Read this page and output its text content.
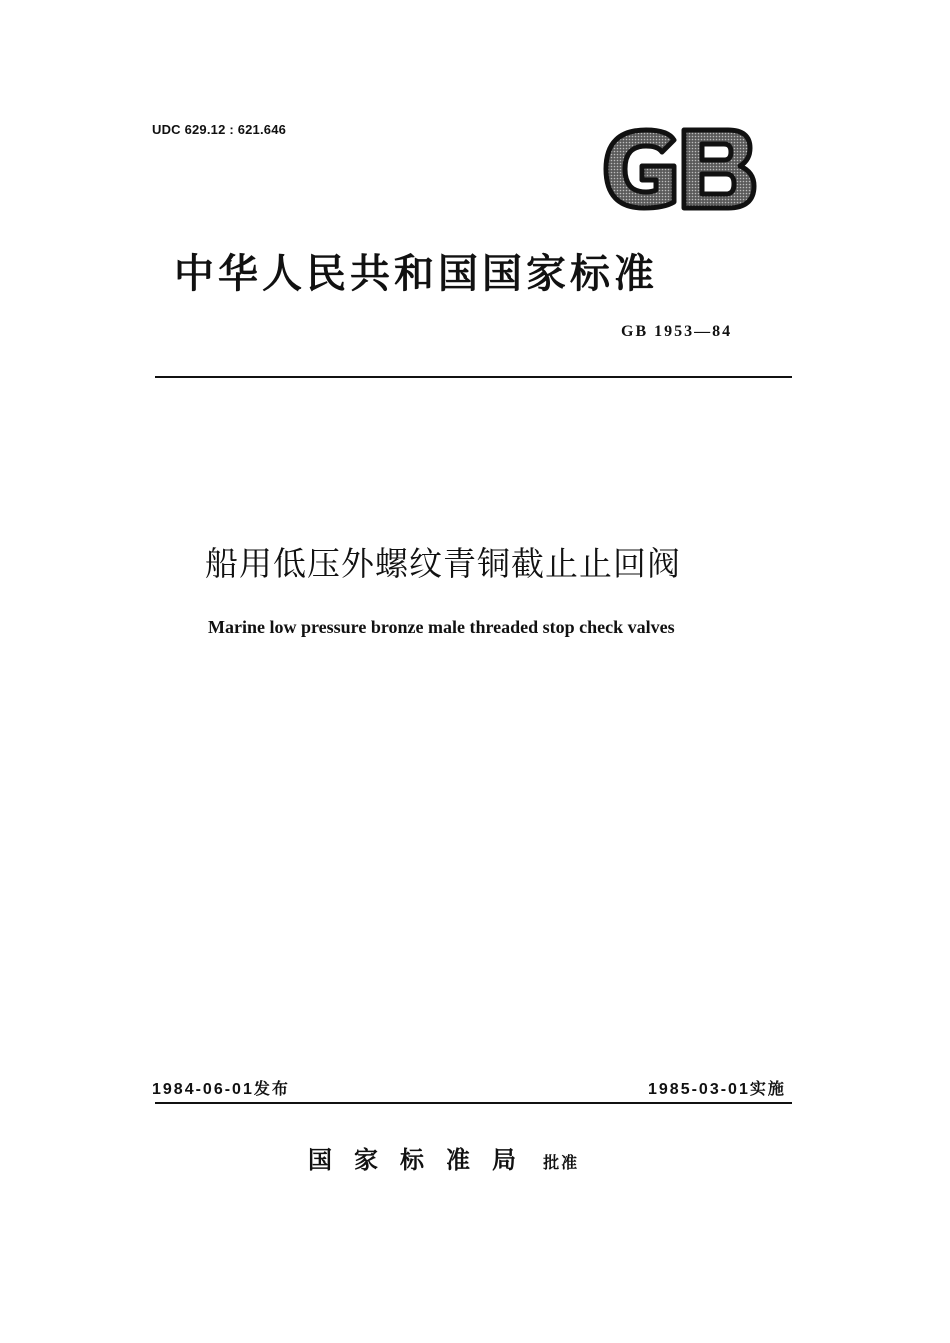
UDC 629.12 : 621.646
中华人民共和国国家标准
GB 1953—84
船用低压外螺纹青铜截止止回阀
Marine low pressure bronze male threaded stop check valves
1984-06-01发布	1985-03-01实施
国家标准局 批准
